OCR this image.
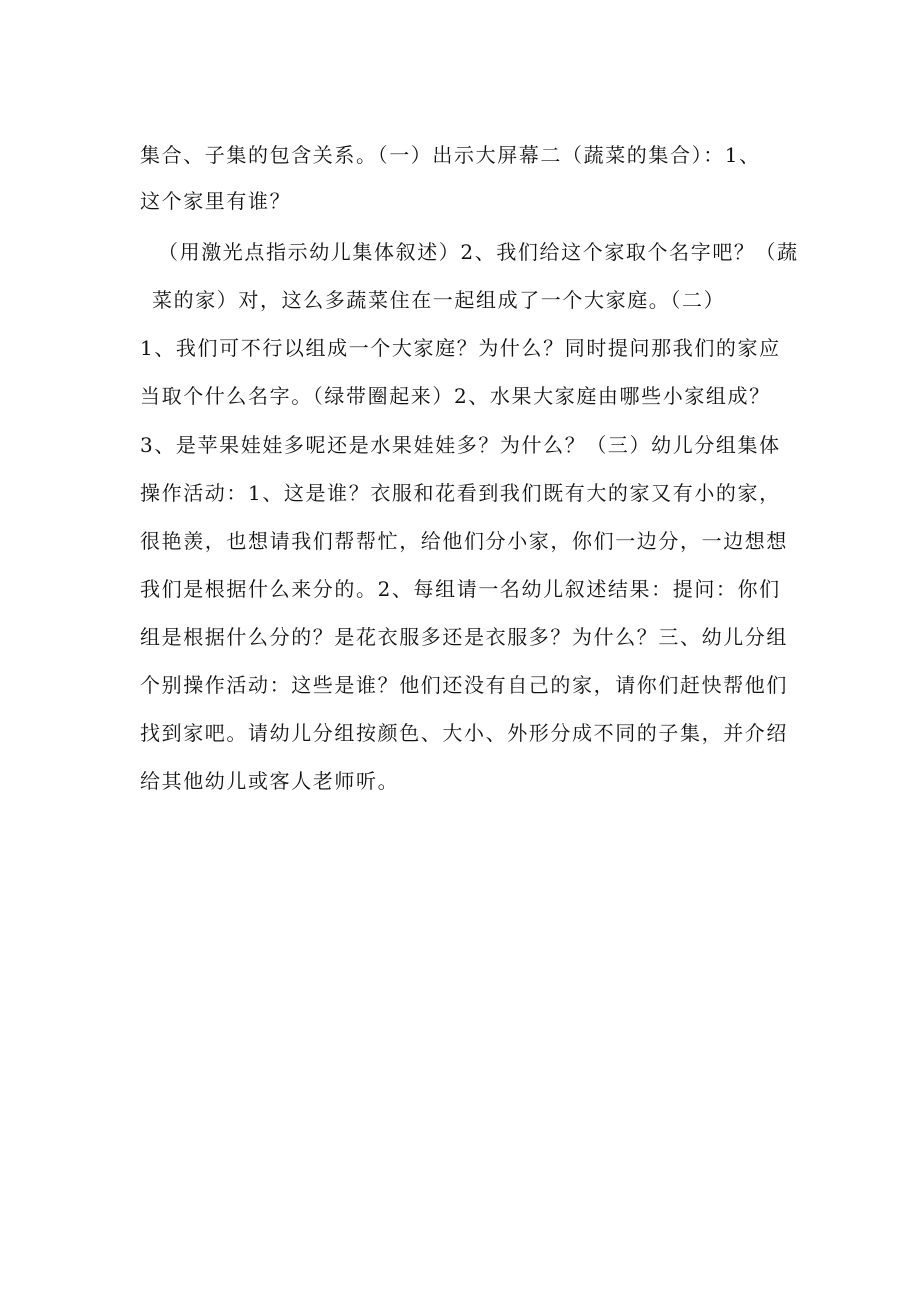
集合、子集的包含关系。（一）出示大屏幕二（蔬菜的集合）：1、
这个家里有谁？
（用激光点指示幼儿集体叙述）2、我们给这个家取个名字吧？（蔬
菜的家）对，这么多蔬菜住在一起组成了一个大家庭。（二）
1、我们可不行以组成一个大家庭？为什么？同时提问那我们的家应
当取个什么名字。（绿带圈起来）2、水果大家庭由哪些小家组成？
3、是苹果娃娃多呢还是水果娃娃多？为什么？（三）幼儿分组集体
操作活动：1、这是谁？衣服和花看到我们既有大的家又有小的家，
很艳羡，也想请我们帮帮忙，给他们分小家，你们一边分，一边想想
我们是根据什么来分的。2、每组请一名幼儿叙述结果：提问：你们
组是根据什么分的？是花衣服多还是衣服多？为什么？三、幼儿分组
个别操作活动：这些是谁？他们还没有自己的家，请你们赶快帮他们
找到家吧。请幼儿分组按颜色、大小、外形分成不同的子集，并介绍
给其他幼儿或客人老师听。
